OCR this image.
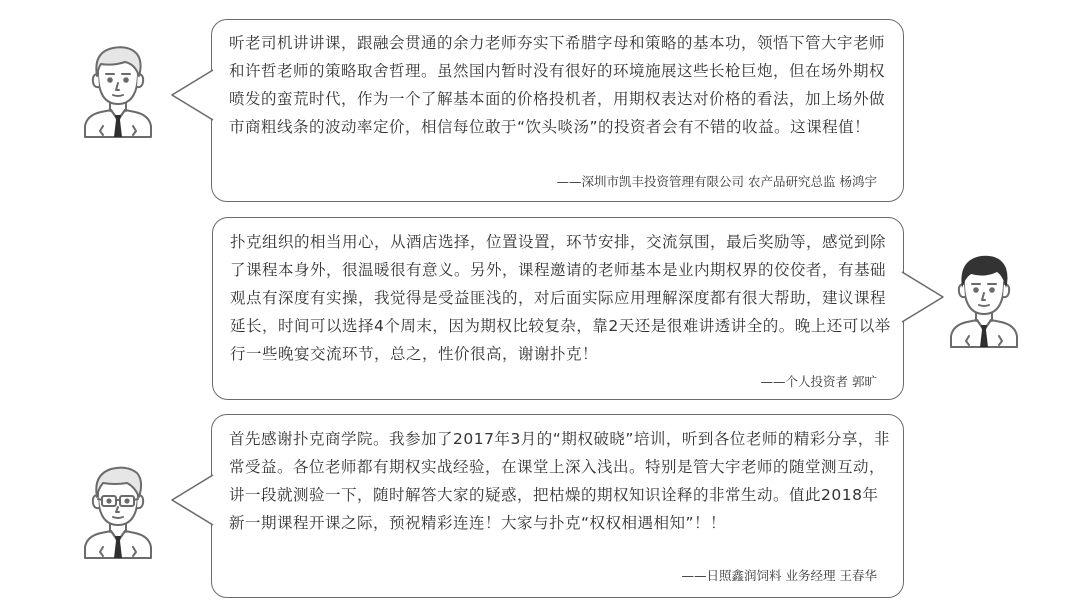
听老司机讲讲课，跟融会贯通的余力老师夯实下希腊字母和策略的基本功，领悟下管大宇老师和许哲老师的策略取舍哲理。虽然国内暂时没有很好的环境施展这些长枪巨炮，但在场外期权喷发的蛮荒时代，作为一个了解基本面的价格投机者，用期权表达对价格的看法，加上场外做市商粗线条的波动率定价，相信每位敢于“饮头啖汤”的投资者会有不错的收益。这课程值！
——深圳市凯丰投资管理有限公司 农产品研究总监 杨鸿宇
扑克组织的相当用心，从酒店选择，位置设置，环节安排，交流氛围，最后奖励等，感觉到除了课程本身外，很温暖很有意义。另外，课程邀请的老师基本是业内期权界的佼佼者，有基础观点有深度有实操，我觉得是受益匪浅的，对后面实际应用理解深度都有很大帮助，建议课程延长，时间可以选择4个周末，因为期权比较复杂，靠2天还是很难讲透讲全的。晚上还可以举行一些晚宴交流环节，总之，性价很高，谢谢扑克！
——个人投资者 郭旷
首先感谢扑克商学院。我参加了2017年3月的“期权破晓”培训，听到各位老师的精彩分享，非常受益。各位老师都有期权实战经验，在课堂上深入浅出。特别是管大宇老师的随堂测互动，讲一段就测验一下，随时解答大家的疑惑，把枯燥的期权知识诠释的非常生动。值此2018年新一期课程开课之际，预祝精彩连连！大家与扑克“权权相遇相知”！！
——日照鑫润饲料 业务经理 王春华
